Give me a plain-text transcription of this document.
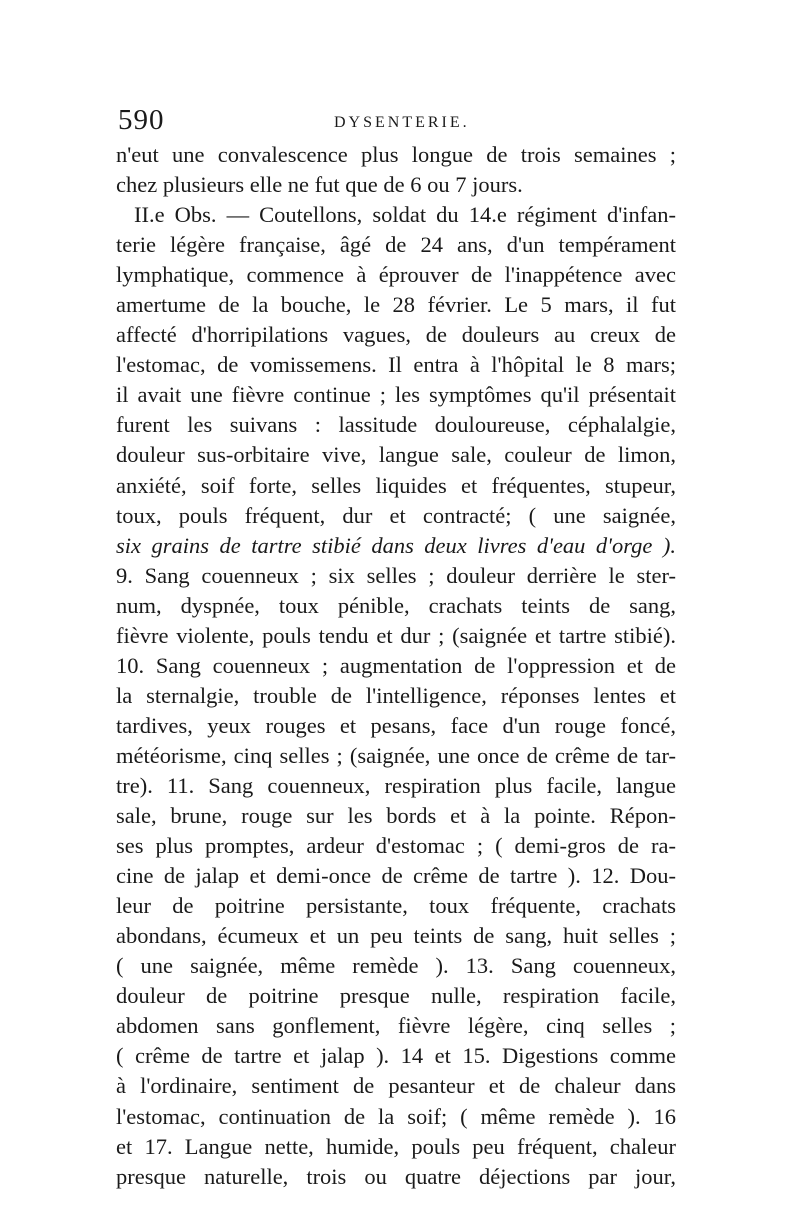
590	DYSENTERIE.
n'eut une convalescence plus longue de trois semaines ;
chez plusieurs elle ne fut que de 6 ou 7 jours.
II.e Obs. — Coutellons, soldat du 14.e régiment d'infan-
terie légère française, âgé de 24 ans, d'un tempérament
lymphatique, commence à éprouver de l'inappétence avec
amertume de la bouche, le 28 février. Le 5 mars, il fut
affecté d'horripilations vagues, de douleurs au creux de
l'estomac, de vomissemens. Il entra à l'hôpital le 8 mars;
il avait une fièvre continue ; les symptômes qu'il présentait
furent les suivans : lassitude douloureuse, céphalalgie,
douleur sus-orbitaire vive, langue sale, couleur de limon,
anxiété, soif forte, selles liquides et fréquentes, stupeur,
toux, pouls fréquent, dur et contracté; ( une saignée,
six grains de tartre stibié dans deux livres d'eau d'orge ).
9. Sang couenneux ; six selles ; douleur derrière le ster-
num, dyspnée, toux pénible, crachats teints de sang,
fièvre violente, pouls tendu et dur ; (saignée et tartre stibié).
10. Sang couenneux ; augmentation de l'oppression et de
la sternalgie, trouble de l'intelligence, réponses lentes et
tardives, yeux rouges et pesans, face d'un rouge foncé,
météorisme, cinq selles ; (saignée, une once de crême de tar-
tre). 11. Sang couenneux, respiration plus facile, langue
sale, brune, rouge sur les bords et à la pointe. Répon-
ses plus promptes, ardeur d'estomac ; ( demi-gros de ra-
cine de jalap et demi-once de crême de tartre ). 12. Dou-
leur de poitrine persistante, toux fréquente, crachats
abondans, écumeux et un peu teints de sang, huit selles ;
( une saignée, même remède ). 13. Sang couenneux,
douleur de poitrine presque nulle, respiration facile,
abdomen sans gonflement, fièvre légère, cinq selles ;
( crême de tartre et jalap ). 14 et 15. Digestions comme
à l'ordinaire, sentiment de pesanteur et de chaleur dans
l'estomac, continuation de la soif; ( même remède ). 16
et 17. Langue nette, humide, pouls peu fréquent, chaleur
presque naturelle, trois ou quatre déjections par jour,
